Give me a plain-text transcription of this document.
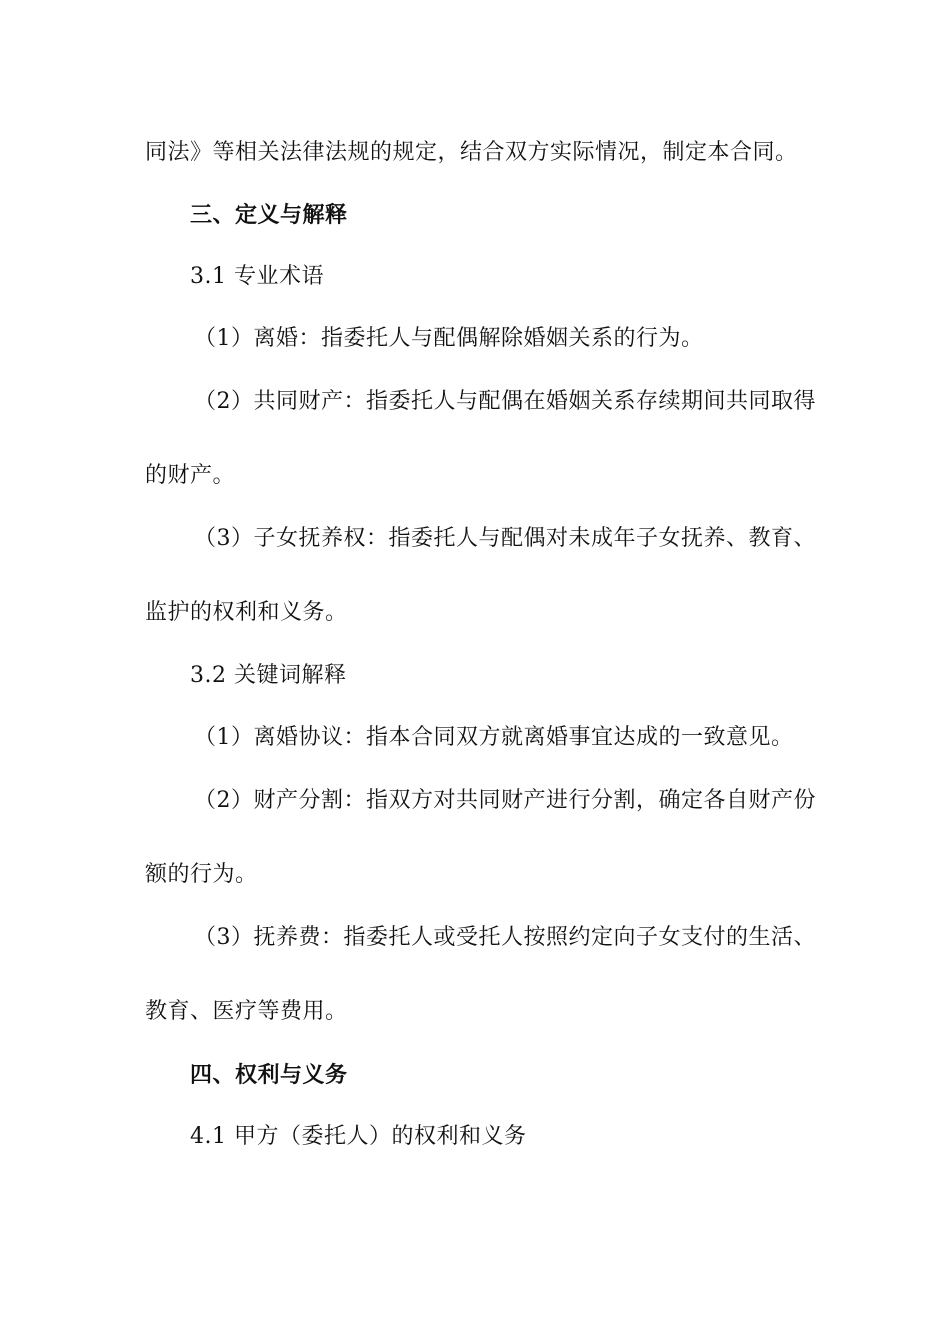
同法》等相关法律法规的规定，结合双方实际情况，制定本合同。
三、定义与解释
3.1 专业术语
（1）离婚：指委托人与配偶解除婚姻关系的行为。
（2）共同财产：指委托人与配偶在婚姻关系存续期间共同取得
的财产。
（3）子女抚养权：指委托人与配偶对未成年子女抚养、教育、
监护的权利和义务。
3.2 关键词解释
（1）离婚协议：指本合同双方就离婚事宜达成的一致意见。
（2）财产分割：指双方对共同财产进行分割，确定各自财产份
额的行为。
（3）抚养费：指委托人或受托人按照约定向子女支付的生活、
教育、医疗等费用。
四、权利与义务
4.1 甲方（委托人）的权利和义务
